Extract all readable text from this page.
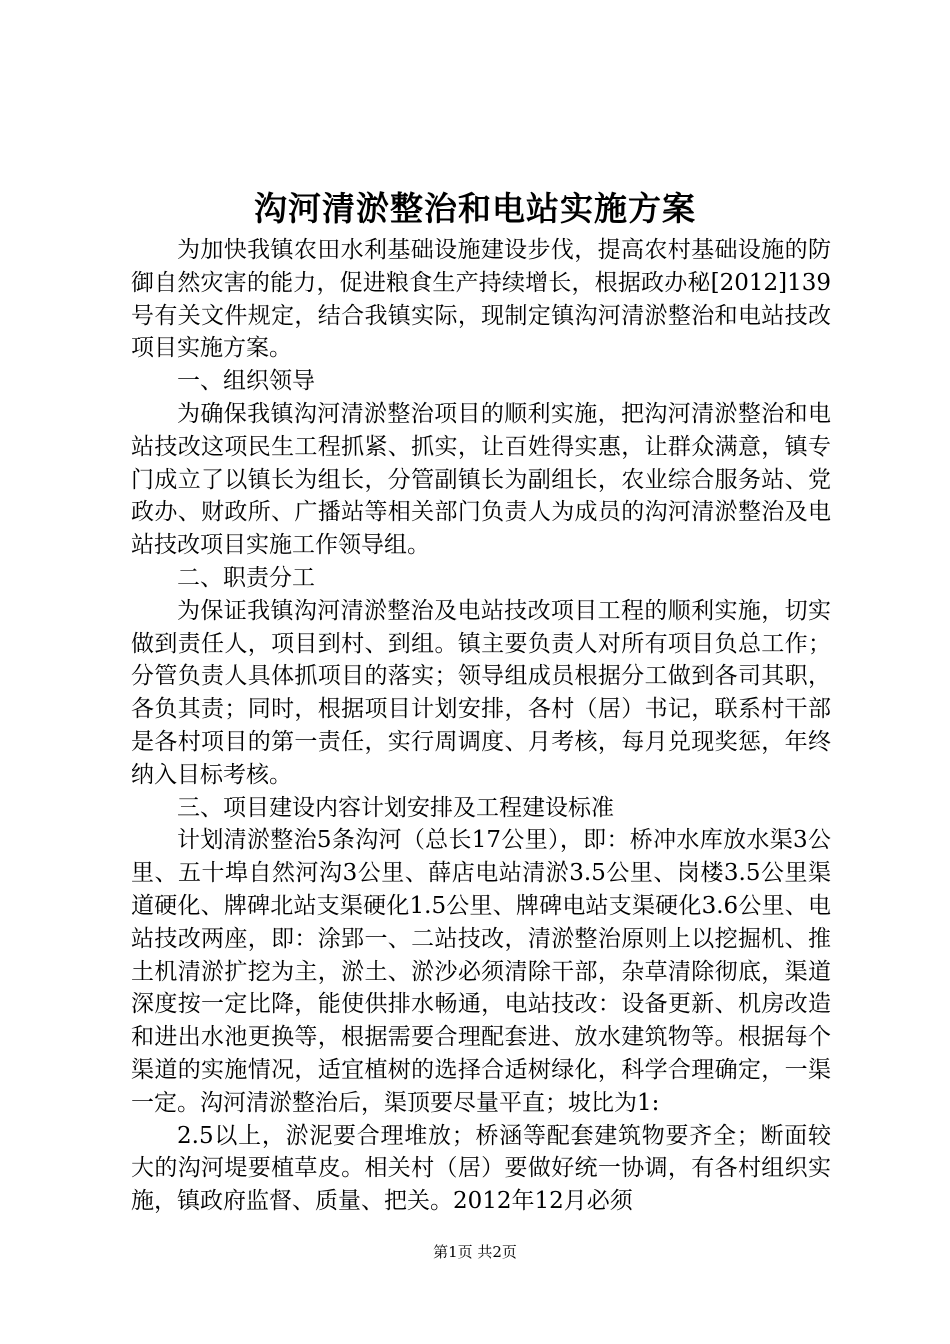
沟河清淤整治和电站实施方案

为加快我镇农田水利基础设施建设步伐，提高农村基础设施的防御自然灾害的能力，促进粮食生产持续增长，根据政办秘[2012]139号有关文件规定，结合我镇实际，现制定镇沟河清淤整治和电站技改项目实施方案。

一、组织领导

为确保我镇沟河清淤整治项目的顺利实施，把沟河清淤整治和电站技改这项民生工程抓紧、抓实，让百姓得实惠，让群众满意，镇专门成立了以镇长为组长，分管副镇长为副组长，农业综合服务站、党政办、财政所、广播站等相关部门负责人为成员的沟河清淤整治及电站技改项目实施工作领导组。

二、职责分工

为保证我镇沟河清淤整治及电站技改项目工程的顺利实施，切实做到责任人，项目到村、到组。镇主要负责人对所有项目负总工作；分管负责人具体抓项目的落实；领导组成员根据分工做到各司其职，各负其责；同时，根据项目计划安排，各村（居）书记，联系村干部是各村项目的第一责任，实行周调度、月考核，每月兑现奖惩，年终纳入目标考核。

三、项目建设内容计划安排及工程建设标准

计划清淤整治5条沟河（总长17公里），即：桥冲水库放水渠3公里、五十埠自然河沟3公里、薛店电站清淤3.5公里、岗楼3.5公里渠道硬化、牌碑北站支渠硬化1.5公里、牌碑电站支渠硬化3.6公里、电站技改两座，即：涂郢一、二站技改，清淤整治原则上以挖掘机、推土机清淤扩挖为主，淤土、淤沙必须清除干部，杂草清除彻底，渠道深度按一定比降，能使供排水畅通，电站技改：设备更新、机房改造和进出水池更换等，根据需要合理配套进、放水建筑物等。根据每个渠道的实施情况，适宜植树的选择合适树绿化，科学合理确定，一渠一定。沟河清淤整治后，渠顶要尽量平直；坡比为1:

2.5以上，淤泥要合理堆放；桥涵等配套建筑物要齐全；断面较大的沟河堤要植草皮。相关村（居）要做好统一协调，有各村组织实施，镇政府监督、质量、把关。2012年12月必须

第1页 共2页
